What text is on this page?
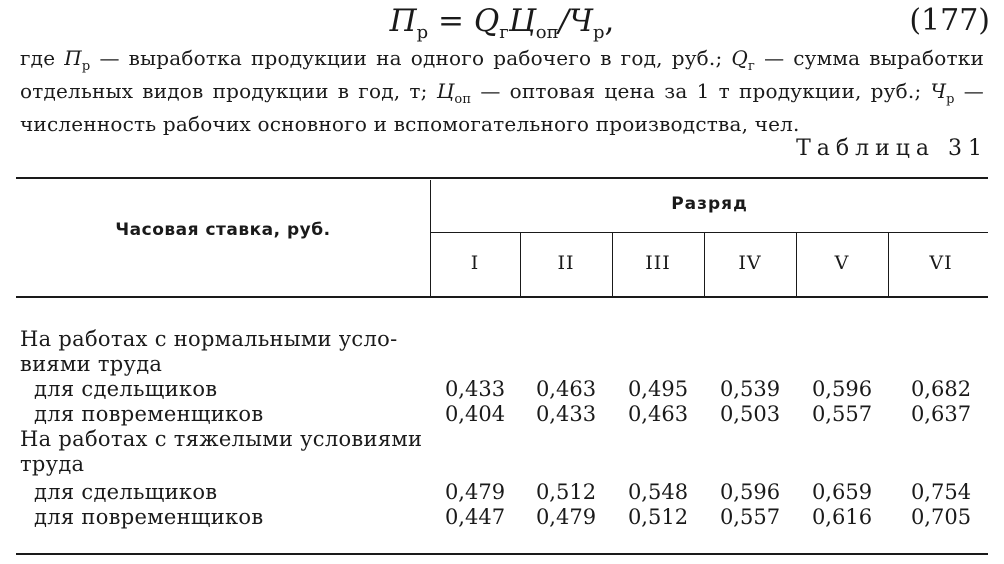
$П_р = Q_гЦ_{оп}/Ч_р$,	(177)
где $П_р$ — выработка продукции на одного рабочего в год, руб.; $Q_г$ — сумма выработки отдельных видов продукции в год, т; $Ц_{оп}$ — оптовая цена за 1 т продукции, руб.; $Ч_р$ — численность рабочих основного и вспомогательного производства, чел.
Таблица 31
Часовая ставка, руб.
Разряд
I	II	III	IV	V	VI
На работах с нормальными усло-
виями труда
для сдельщиков	0,433	0,463	0,495	0,539	0,596	0,682
для повременщиков	0,404	0,433	0,463	0,503	0,557	0,637
На работах с тяжелыми условиями
труда
для сдельщиков	0,479	0,512	0,548	0,596	0,659	0,754
для повременщиков	0,447	0,479	0,512	0,557	0,616	0,705
